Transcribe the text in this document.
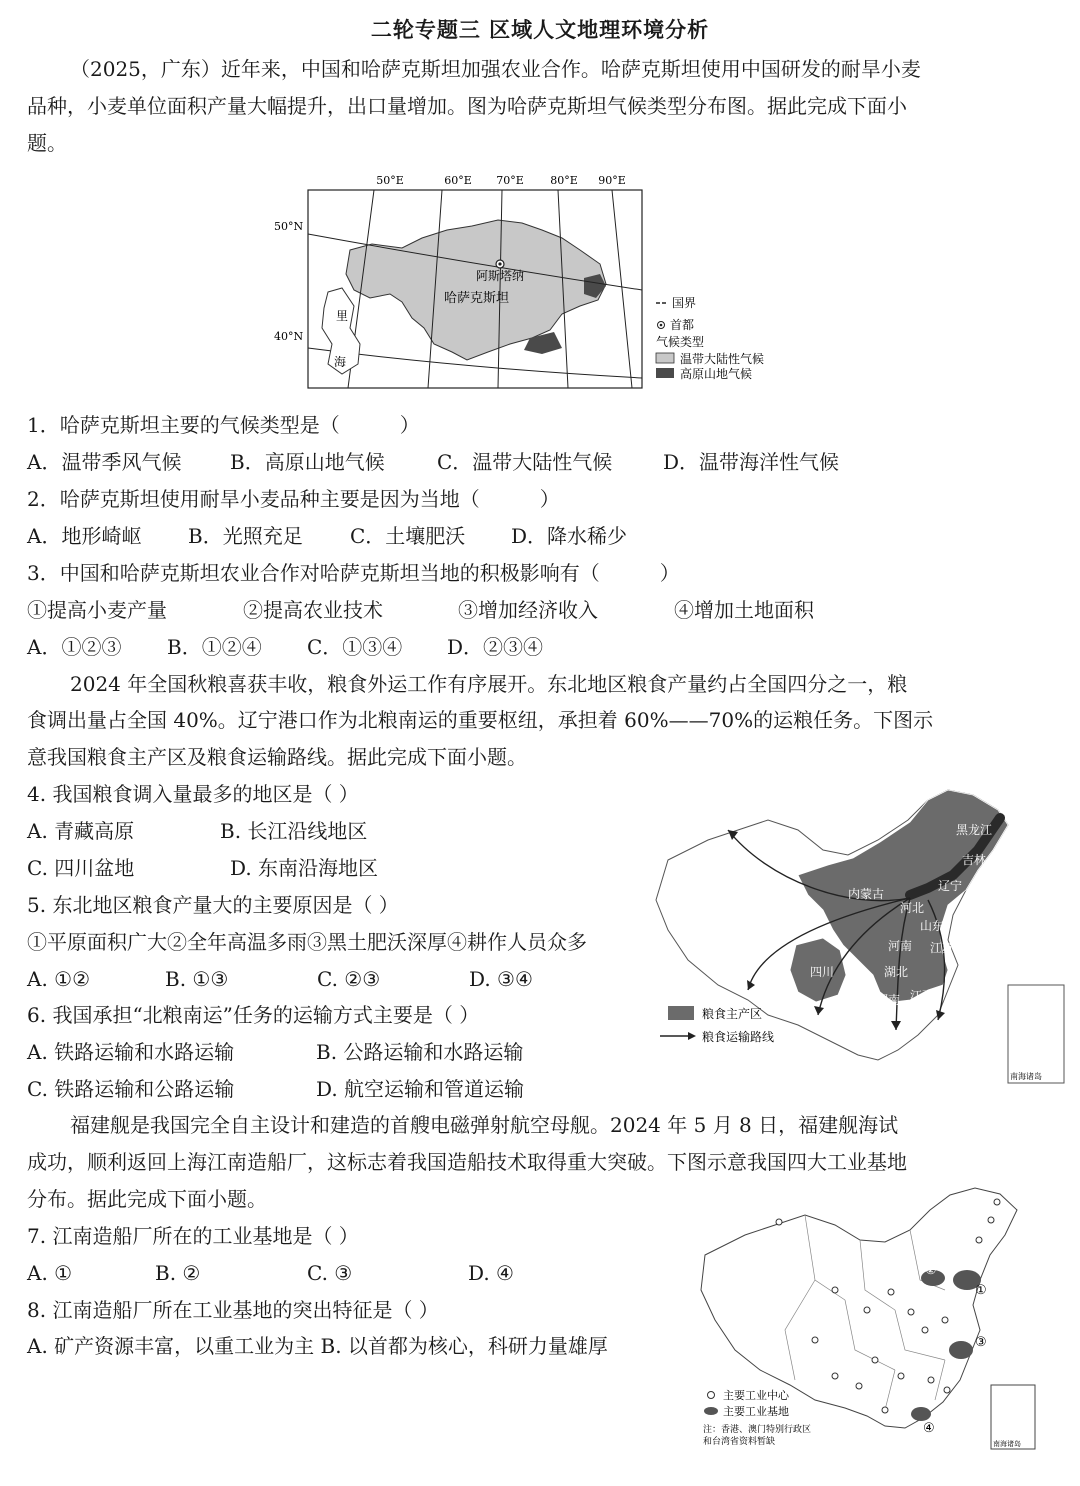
二轮专题三 区域人文地理环境分析
（2025，广东）近年来，中国和哈萨克斯坦加强农业合作。哈萨克斯坦使用中国研发的耐旱小麦
品种，小麦单位面积产量大幅提升，出口量增加。图为哈萨克斯坦气候类型分布图。据此完成下面小
题。
50°E	60°E 70°E 80°E 90°E
50°N
40°N
里
海
阿斯塔纳
哈萨克斯坦	国界
首都
气候类型
温带大陆性气候
高原山地气候
1．哈萨克斯坦主要的气候类型是（　　　）
A．温带季风气候 B．高原山地气候	C．温带大陆性气候	D．温带海洋性气候
2．哈萨克斯坦使用耐旱小麦品种主要是因为当地（　　　）
A．地形崎岖 B．光照充足 C．土壤肥沃 D．降水稀少
3．中国和哈萨克斯坦农业合作对哈萨克斯坦当地的积极影响有（　　　）
①提高小麦产量	②提高农业技术	③增加经济收入	④增加土地面积
A．①②③ B．①②④ C．①③④ D．②③④
2024 年全国秋粮喜获丰收，粮食外运工作有序展开。东北地区粮食产量约占全国四分之一，粮
食调出量占全国 40%。辽宁港口作为北粮南运的重要枢纽，承担着 60%——70%的运粮任务。下图示
意我国粮食主产区及粮食运输路线。据此完成下面小题。
4. 我国粮食调入量最多的地区是（ ）
A. 青藏高原	B. 长江沿线地区
C. 四川盆地	D. 东南沿海地区
5. 东北地区粮食产量大的主要原因是（ ）
①平原面积广大②全年高温多雨③黑土肥沃深厚④耕作人员众多
A. ①②	B. ①③	C. ②③	D. ③④
6. 我国承担“北粮南运”任务的运输方式主要是（ ）
A. 铁路运输和水路运输	B. 公路运输和水路运输
C. 铁路运输和公路运输	D. 航空运输和管道运输
黑龙江
吉林
辽宁
内蒙古
河北
山东
河南 江苏
四川	湖北
湖南 江西
粮食主产区
粮食运输路线
南海诸岛
福建舰是我国完全自主设计和建造的首艘电磁弹射航空母舰。2024 年 5 月 8 日，福建舰海试
成功，顺利返回上海江南造船厂，这标志着我国造船技术取得重大突破。下图示意我国四大工业基地
分布。据此完成下面小题。
7. 江南造船厂所在的工业基地是（ ）
A. ①	B. ②	C. ③	D. ④
8. 江南造船厂所在工业基地的突出特征是（ ）
A. 矿产资源丰富，以重工业为主 B. 以首都为核心，科研力量雄厚
①
②
③
④
主要工业中心
主要工业基地
注：香港、澳门特别行政区
和台湾省资料暂缺	南海诸岛
